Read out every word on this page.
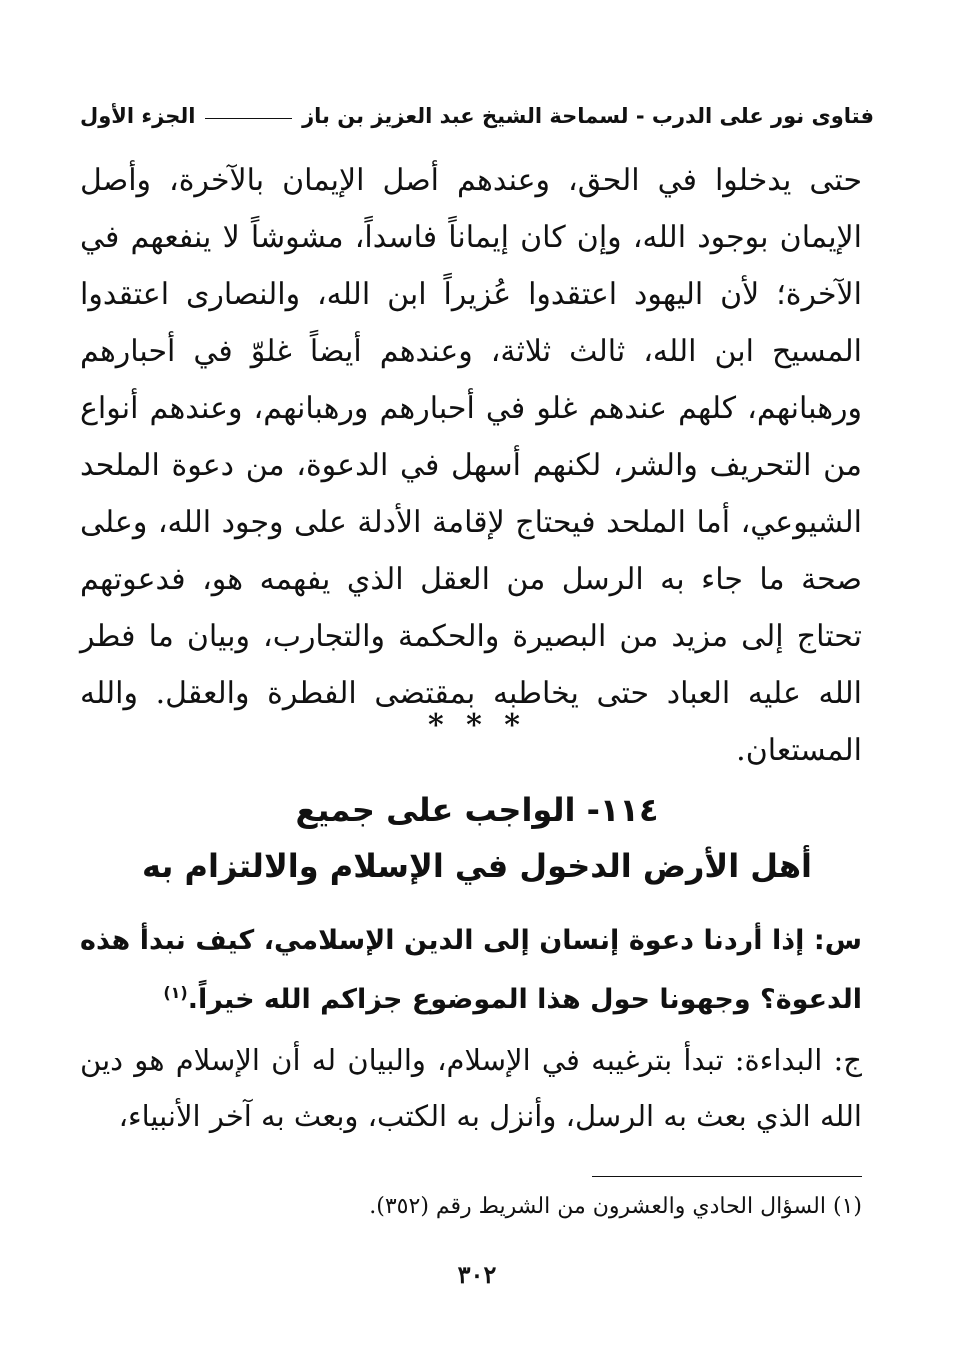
فتاوى نور على الدرب - لسماحة الشيخ عبد العزيز بن باز
الجزء الأول

حتى يدخلوا في الحق، وعندهم أصل الإيمان بالآخرة، وأصل الإيمان بوجود الله، وإن كان إيماناً فاسداً، مشوشاً لا ينفعهم في الآخرة؛ لأن اليهود اعتقدوا عُزيراً ابن الله، والنصارى اعتقدوا المسيح ابن الله، ثالث ثلاثة، وعندهم أيضاً غلوّ في أحبارهم ورهبانهم، كلهم عندهم غلو في أحبارهم ورهبانهم، وعندهم أنواع من التحريف والشر، لكنهم أسهل في الدعوة، من دعوة الملحد الشيوعي، أما الملحد فيحتاج لإقامة الأدلة على وجود الله، وعلى صحة ما جاء به الرسل من العقل الذي يفهمه هو، فدعوتهم تحتاج إلى مزيد من البصيرة والحكمة والتجارب، وبيان ما فطر الله عليه العباد حتى يخاطبه بمقتضى الفطرة والعقل. والله المستعان.

* * *
١١٤- الواجب على جميع
أهل الأرض الدخول في الإسلام والالتزام به

س: إذا أردنا دعوة إنسان إلى الدين الإسلامي، كيف نبدأ هذه الدعوة؟ وجهونا حول هذا الموضوع جزاكم الله خيراً.$^{(١)}$

ج: البداءة: تبدأ بترغيبه في الإسلام، والبيان له أن الإسلام هو دين الله الذي بعث به الرسل، وأنزل به الكتب، وبعث به آخر الأنبياء،

(١) السؤال الحادي والعشرون من الشريط رقم (٣٥٢).

٣٠٢
